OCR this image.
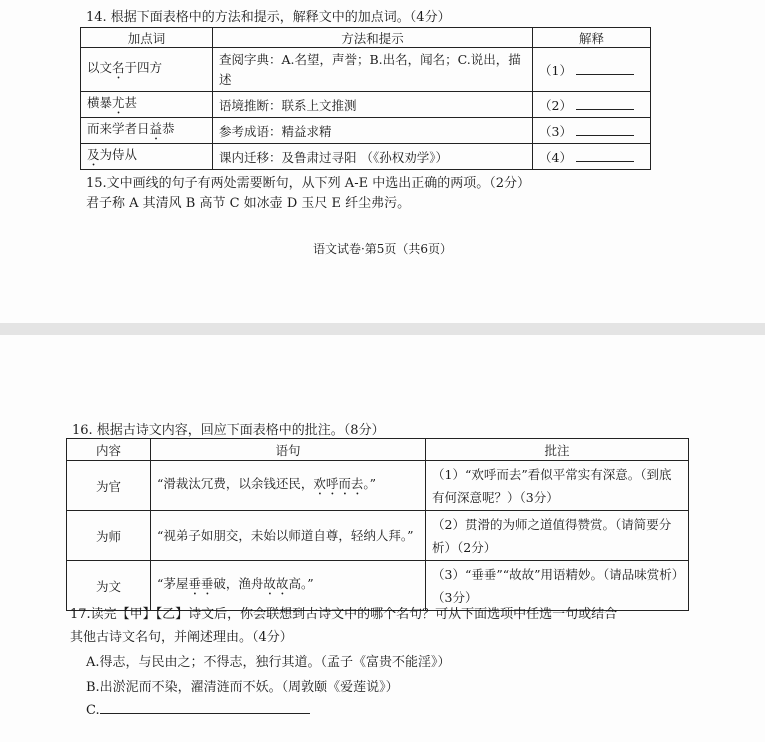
14. 根据下面表格中的方法和提示，解释文中的加点词。（4分）
加点词	方法和提示	解释
以文名于四方	查阅字典：A.名望，声誉；B.出名，闻名；C.说出，描述	（1）
横暴尤甚	语境推断：联系上文推测	（2）
而来学者日益恭	参考成语：精益求精	（3）
及为侍从	课内迁移：及鲁肃过寻阳 （《孙权劝学》）	（4）
15.文中画线的句子有两处需要断句，从下列 A-E 中选出正确的两项。（2分）
君子称 A 其清风 B 高节 C 如冰壶 D 玉尺 E 纤尘弗污。
语文试卷·第5页（共6页）
16. 根据古诗文内容，回应下面表格中的批注。（8分）
内容	语句	批注
为官	“滑裁汰冗费，以余钱还民，欢呼而去。”	（1）“欢呼而去”看似平常实有深意。（到底有何深意呢？）（3分）
为师	“视弟子如朋交，未始以师道自尊，轻纳人拜。”	（2）贯滑的为师之道值得赞赏。（请简要分析）（2分）
为文	“茅屋垂垂破，渔舟故故高。”	（3）“垂垂”“故故”用语精妙。（请品味赏析）（3分）
17.读完【甲】【乙】诗文后，你会联想到古诗文中的哪个名句？可从下面选项中任选一句或结合
其他古诗文名句，并阐述理由。（4分）
A.得志，与民由之；不得志，独行其道。（孟子《富贵不能淫》）
B.出淤泥而不染，濯清涟而不妖。（周敦颐《爱莲说》）
C.
